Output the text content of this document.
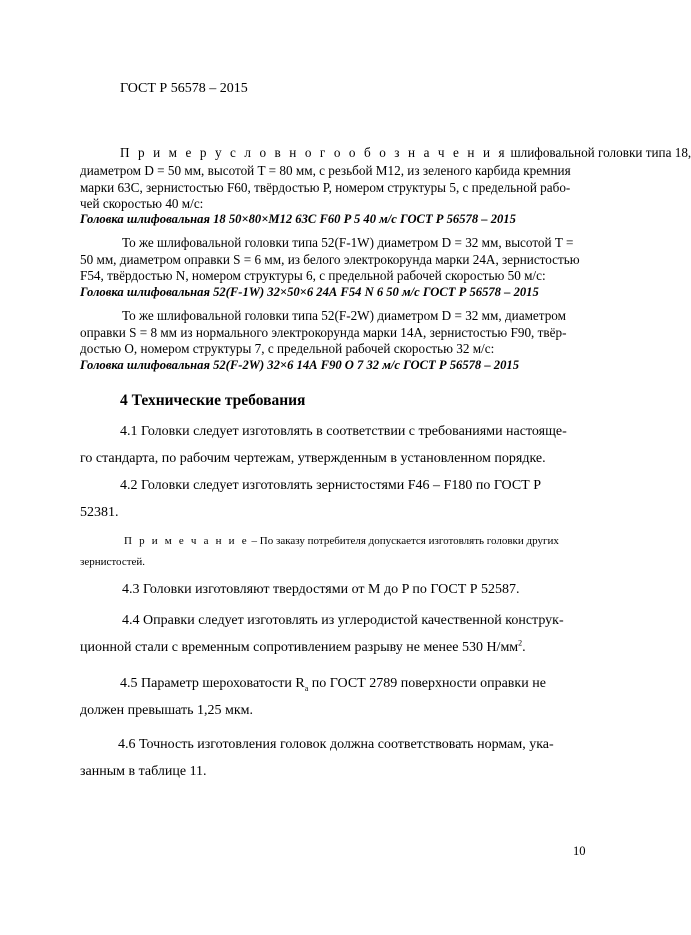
ГОСТ Р 56578 – 2015
П р и м е р у с л о в н о г о о б о з н а ч е н и я шлифовальной головки типа 18,
диаметром D = 50 мм, высотой T = 80 мм, с резьбой M12, из зеленого карбида кремния
марки 63С, зернистостью F60, твёрдостью P, номером структуры 5, с предельной рабо-
чей скоростью 40 м/с:
Головка шлифовальная 18 50×80×M12 63С F60 P 5 40 м/с ГОСТ Р 56578 – 2015
То же шлифовальной головки типа 52(F-1W) диаметром D = 32 мм, высотой T =
50 мм, диаметром оправки S = 6 мм, из белого электрокорунда марки 24А, зернистостью
F54, твёрдостью N, номером структуры 6, с предельной рабочей скоростью 50 м/с:
Головка шлифовальная 52(F-1W) 32×50×6 24А F54 N 6 50 м/с ГОСТ Р 56578 – 2015
То же шлифовальной головки типа 52(F-2W) диаметром D = 32 мм, диаметром
оправки S = 8 мм из нормального электрокорунда марки 14А, зернистостью F90, твёр-
достью O, номером структуры 7, с предельной рабочей скоростью 32 м/с:
Головка шлифовальная 52(F-2W) 32×6 14А F90 O 7 32 м/с ГОСТ Р 56578 – 2015
4 Технические требования
4.1 Головки следует изготовлять в соответствии с требованиями настояще-
го стандарта, по рабочим чертежам, утвержденным в установленном порядке.
4.2 Головки следует изготовлять зернистостями F46 – F180 по ГОСТ Р
52381.
П р и м е ч а н и е – По заказу потребителя допускается изготовлять головки других
зернистостей.
4.3 Головки изготовляют твердостями от M до P по ГОСТ Р 52587.
4.4 Оправки следует изготовлять из углеродистой качественной конструк-
ционной стали с временным сопротивлением разрыву не менее 530 $Н/мм^2$.
4.5 Параметр шероховатости $R_a$ по ГОСТ 2789 поверхности оправки не
должен превышать 1,25 мкм.
4.6 Точность изготовления головок должна соответствовать нормам, ука-
занным в таблице 11.
10
